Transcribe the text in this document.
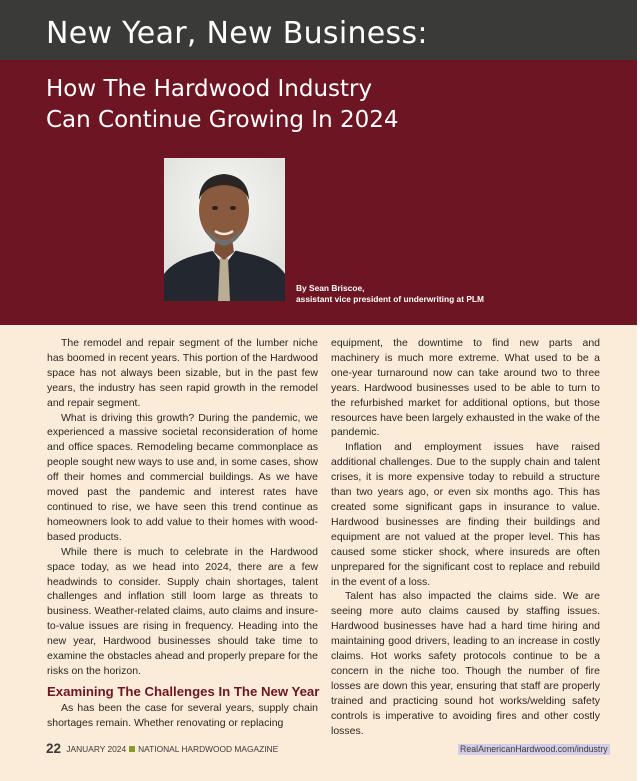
New Year, New Business:
How The Hardwood Industry
Can Continue Growing In 2024
By Sean Briscoe,
assistant vice president of underwriting at PLM

The remodel and repair segment of the lumber niche has boomed in recent years. This portion of the Hardwood space has not always been sizable, but in the past few years, the industry has seen rapid growth in the remodel and repair segment.

What is driving this growth? During the pandemic, we experienced a massive societal reconsideration of home and office spaces. Remodeling became commonplace as people sought new ways to use and, in some cases, show off their homes and commercial buildings. As we have moved past the pandemic and interest rates have continued to rise, we have seen this trend continue as homeowners look to add value to their homes with wood-based products.

While there is much to celebrate in the Hardwood space today, as we head into 2024, there are a few headwinds to consider. Supply chain shortages, talent challenges and inflation still loom large as threats to business. Weather-related claims, auto claims and insure-to-value issues are rising in frequency. Heading into the new year, Hardwood businesses should take time to examine the obstacles ahead and properly prepare for the risks on the horizon.

Examining The Challenges In The New Year

As has been the case for several years, supply chain shortages remain. Whether renovating or replacing

equipment, the downtime to find new parts and machinery is much more extreme. What used to be a one-year turnaround now can take around two to three years. Hardwood businesses used to be able to turn to the refurbished market for additional options, but those resources have been largely exhausted in the wake of the pandemic.

Inflation and employment issues have raised additional challenges. Due to the supply chain and talent crises, it is more expensive today to rebuild a structure than two years ago, or even six months ago. This has created some significant gaps in insurance to value. Hardwood businesses are finding their buildings and equipment are not valued at the proper level. This has caused some sticker shock, where insureds are often unprepared for the significant cost to replace and rebuild in the event of a loss.

Talent has also impacted the claims side. We are seeing more auto claims caused by staffing issues. Hardwood businesses have had a hard time hiring and maintaining good drivers, leading to an increase in costly claims. Hot works safety protocols continue to be a concern in the niche too. Though the number of fire losses are down this year, ensuring that staff are properly trained and practicing sound hot works/welding safety controls is imperative to avoiding fires and other costly losses.

22 JANUARY 2024 NATIONAL HARDWOOD MAGAZINE	RealAmericanHardwood.com/industry
